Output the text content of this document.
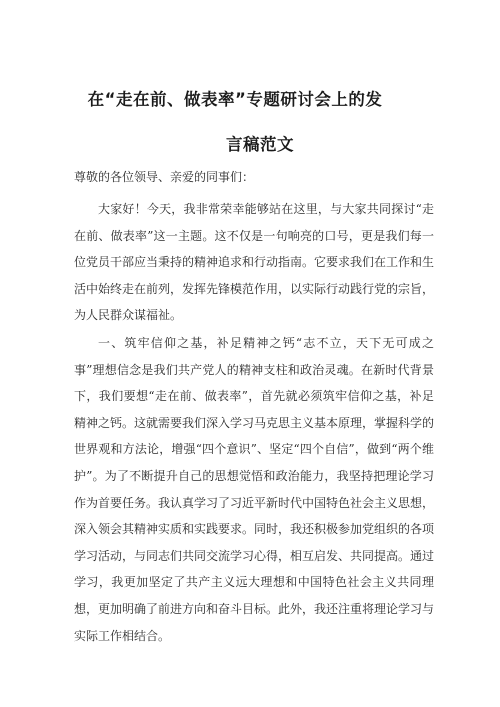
在“走在前、做表率”专题研讨会上的发
言稿范文
尊敬的各位领导、亲爱的同事们：

大家好！今天，我非常荣幸能够站在这里，与大家共同探讨“走在前、做表率”这一主题。这不仅是一句响亮的口号，更是我们每一位党员干部应当秉持的精神追求和行动指南。它要求我们在工作和生活中始终走在前列，发挥先锋模范作用，以实际行动践行党的宗旨，为人民群众谋福祉。

一、筑牢信仰之基，补足精神之钙“志不立，天下无可成之事”理想信念是我们共产党人的精神支柱和政治灵魂。在新时代背景下，我们要想“走在前、做表率”，首先就必须筑牢信仰之基，补足精神之钙。这就需要我们深入学习马克思主义基本原理，掌握科学的世界观和方法论，增强“四个意识”、坚定“四个自信”，做到“两个维护”。为了不断提升自己的思想觉悟和政治能力，我坚持把理论学习作为首要任务。我认真学习了习近平新时代中国特色社会主义思想，深入领会其精神实质和实践要求。同时，我还积极参加党组织的各项学习活动，与同志们共同交流学习心得，相互启发、共同提高。通过学习，我更加坚定了共产主义远大理想和中国特色社会主义共同理想，更加明确了前进方向和奋斗目标。此外，我还注重将理论学习与实际工作相结合。
